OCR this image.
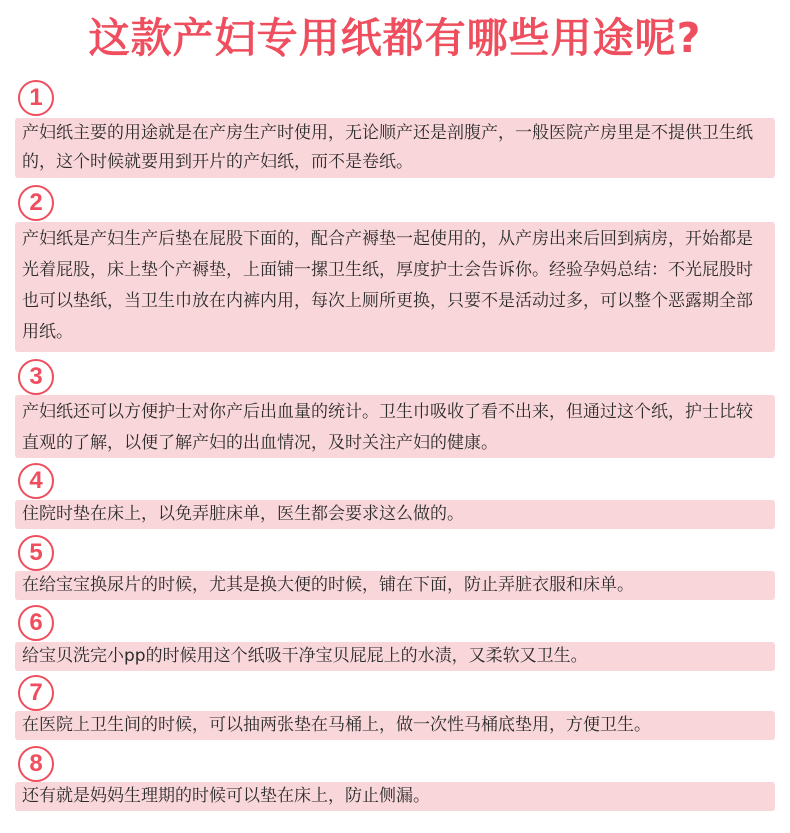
这款产妇专用纸都有哪些用途呢?
1
产妇纸主要的用途就是在产房生产时使用，无论顺产还是剖腹产，一般医院产房里是不提供卫生纸的，这个时候就要用到开片的产妇纸，而不是卷纸。
2
产妇纸是产妇生产后垫在屁股下面的，配合产褥垫一起使用的，从产房出来后回到病房，开始都是光着屁股，床上垫个产褥垫，上面铺一摞卫生纸，厚度护士会告诉你。经验孕妈总结：不光屁股时也可以垫纸，当卫生巾放在内裤内用，每次上厕所更换，只要不是活动过多，可以整个恶露期全部用纸。
3
产妇纸还可以方便护士对你产后出血量的统计。卫生巾吸收了看不出来，但通过这个纸，护士比较直观的了解，以便了解产妇的出血情况，及时关注产妇的健康。
4
住院时垫在床上，以免弄脏床单，医生都会要求这么做的。
5
在给宝宝换尿片的时候，尤其是换大便的时候，铺在下面，防止弄脏衣服和床单。
6
给宝贝洗完小pp的时候用这个纸吸干净宝贝屁屁上的水渍，又柔软又卫生。
7
在医院上卫生间的时候，可以抽两张垫在马桶上，做一次性马桶底垫用，方便卫生。
8
还有就是妈妈生理期的时候可以垫在床上，防止侧漏。
